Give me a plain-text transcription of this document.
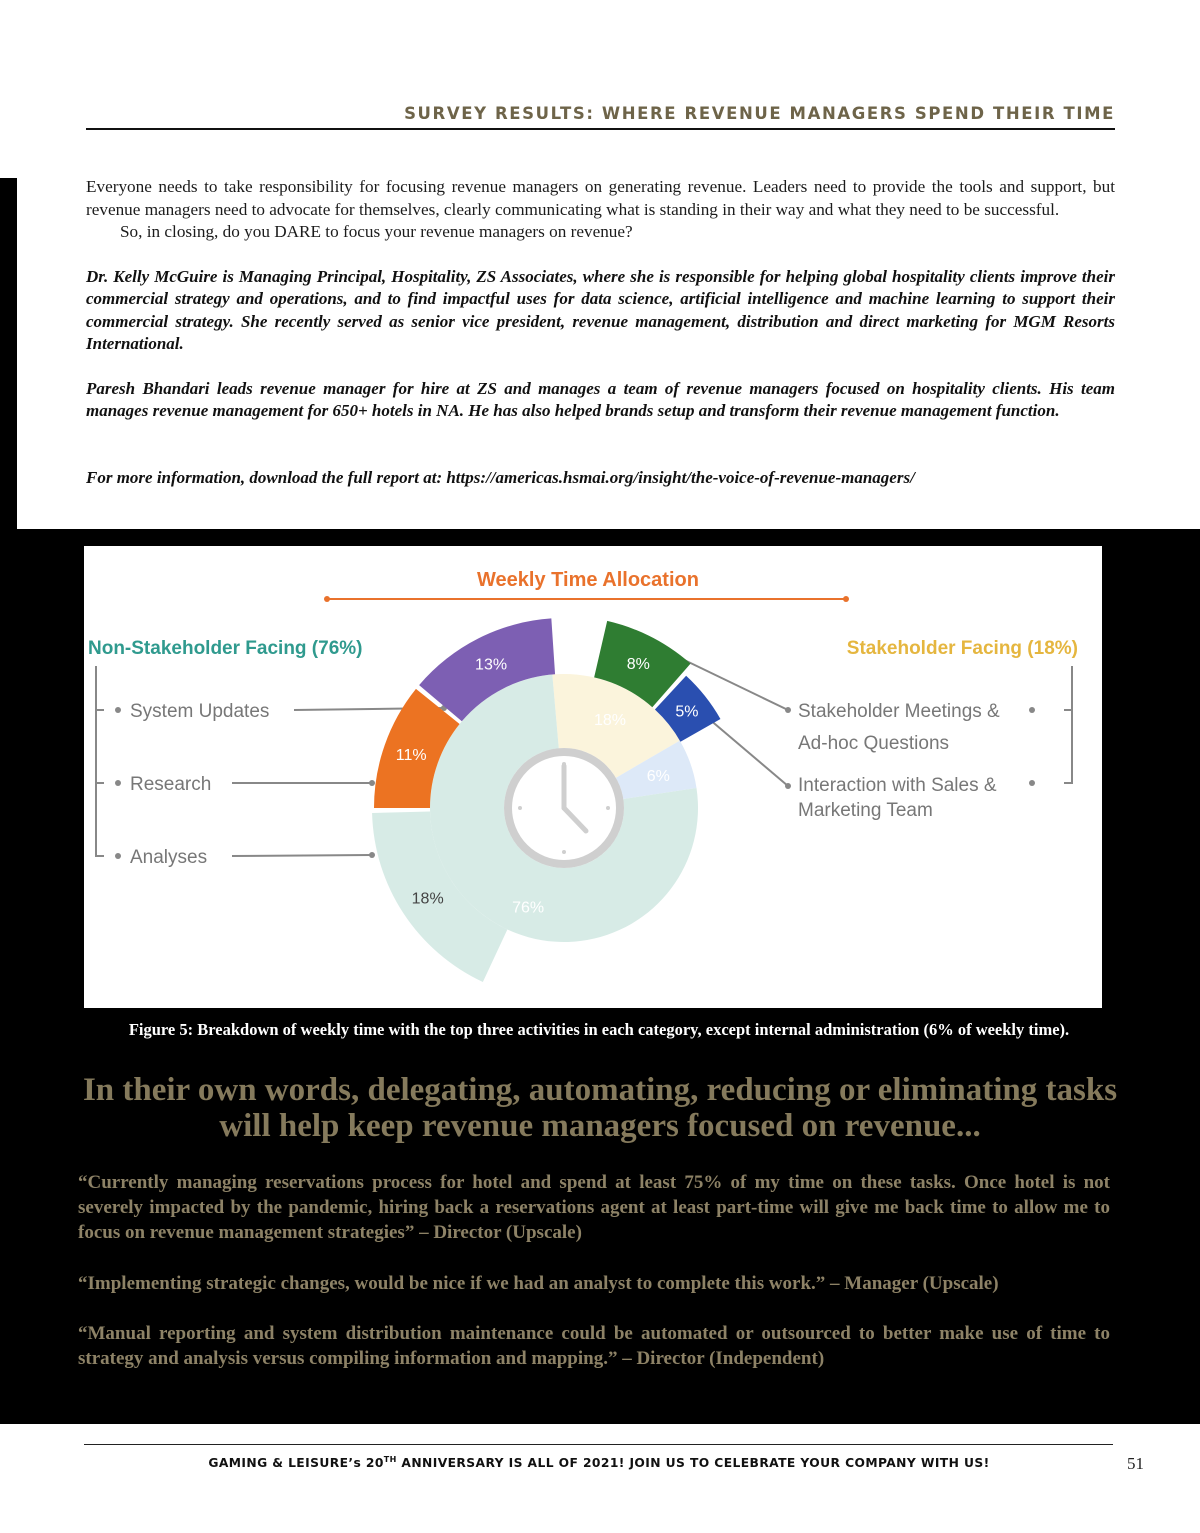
SURVEY RESULTS: WHERE REVENUE MANAGERS SPEND THEIR TIME

Everyone needs to take responsibility for focusing revenue managers on generating revenue. Leaders need to provide the tools and support, but revenue managers need to advocate for themselves, clearly communicating what is standing in their way and what they need to be successful.

So, in closing, do you DARE to focus your revenue managers on revenue?

Dr. Kelly McGuire is Managing Principal, Hospitality, ZS Associates, where she is responsible for helping global hospitality clients improve their commercial strategy and operations, and to find impactful uses for data science, artificial intelligence and machine learning to support their commercial strategy. She recently served as senior vice president, revenue management, distribution and direct marketing for MGM Resorts International.

Paresh Bhandari leads revenue manager for hire at ZS and manages a team of revenue managers focused on hospitality clients. His team manages revenue management for 650+ hotels in NA. He has also helped brands setup and transform their revenue management function.

For more information, download the full report at: https://americas.hsmai.org/insight/the-voice-of-revenue-managers/

Weekly Time Allocation
Non-Stakeholder Facing (76%)	Stakeholder Facing (18%)
System Updates
Research
Analyses
Stakeholder Meetings &
Ad-hoc Questions
Interaction with Sales &
Marketing Team
18%
6%
76%
18%
11%
13%	8%
5%
Figure 5: Breakdown of weekly time with the top three activities in each category, except internal administration (6% of weekly time).
In their own words, delegating, automating, reducing or eliminating tasks will help keep revenue managers focused on revenue...

“Currently managing reservations process for hotel and spend at least 75% of my time on these tasks. Once hotel is not severely impacted by the pandemic, hiring back a reservations agent at least part-time will give me back time to allow me to focus on revenue management strategies” – Director (Upscale)

“Implementing strategic changes, would be nice if we had an analyst to complete this work.” – Manager (Upscale)

“Manual reporting and system distribution maintenance could be automated or outsourced to better make use of time to strategy and analysis versus compiling information and mapping.” – Director (Independent)

GAMING & LEISURE’s 20TH ANNIVERSARY IS ALL OF 2021! JOIN US TO CELEBRATE YOUR COMPANY WITH US!	51
